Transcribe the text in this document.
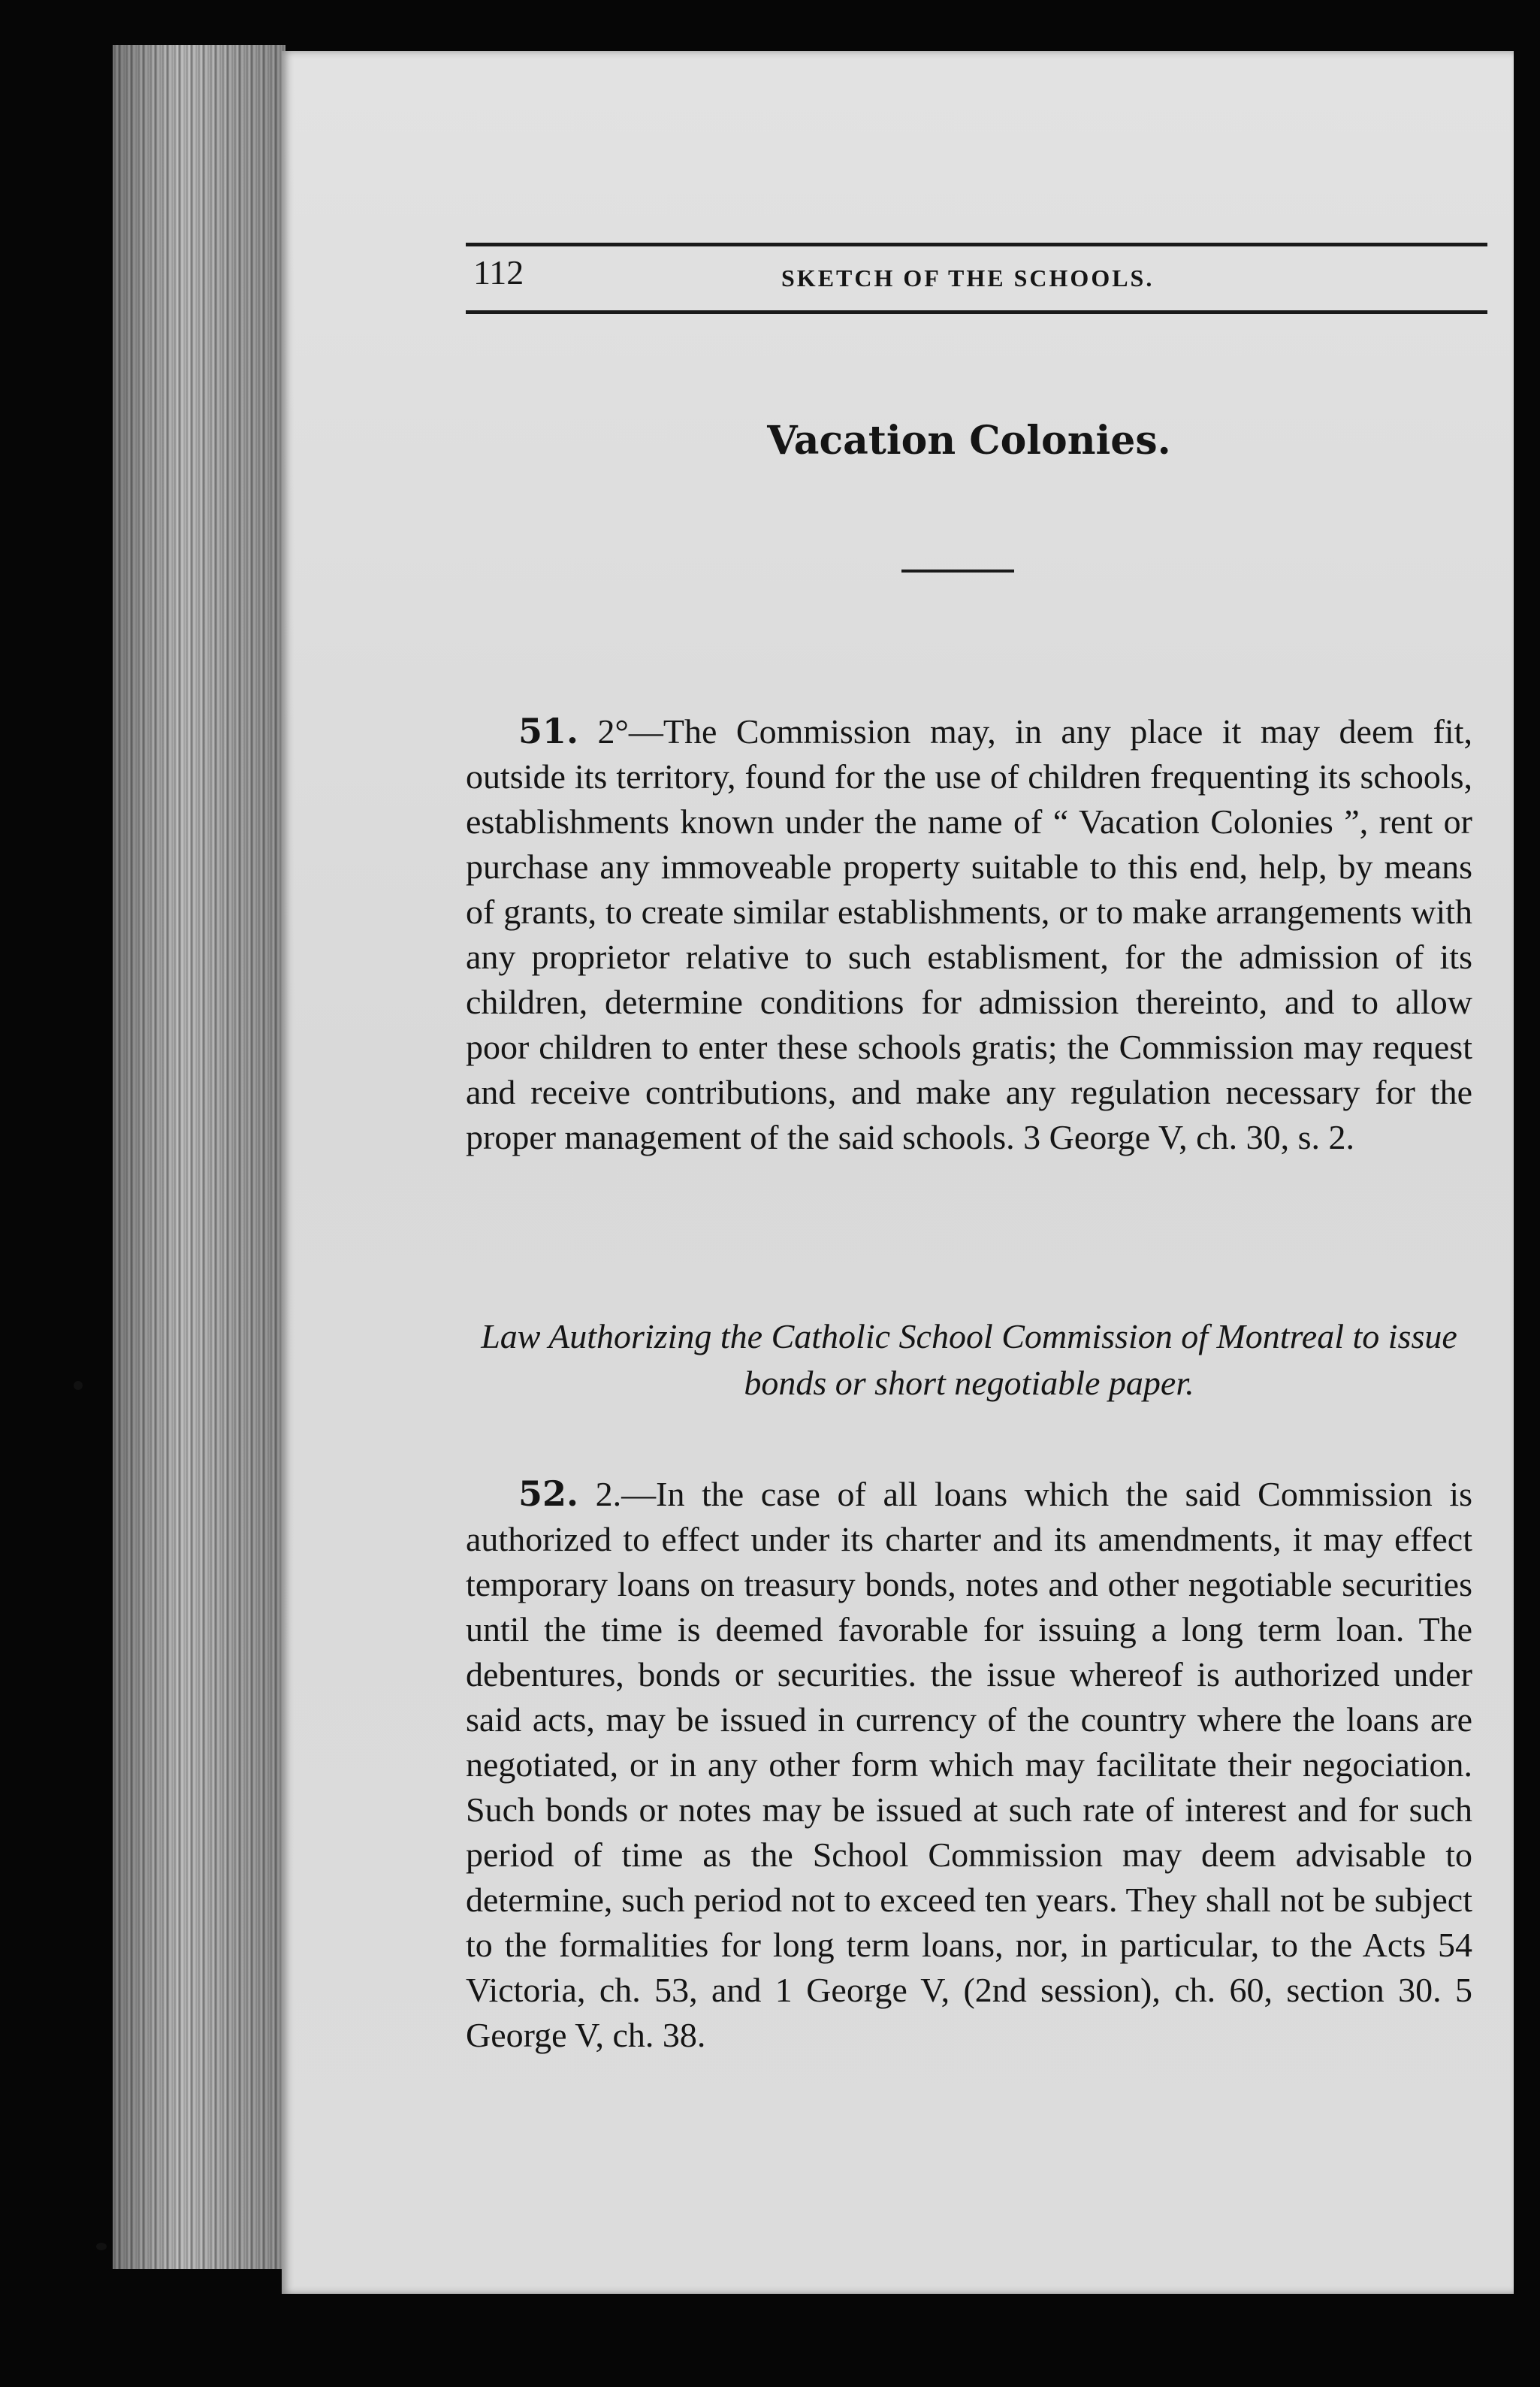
112	SKETCH OF THE SCHOOLS.
Vacation Colonies.
51. 2°—The Commission may, in any place it may deem fit, outside its territory, found for the use of children frequenting its schools, establishments known under the name of “ Vacation Colonies ”, rent or purchase any immoveable property suitable to this end, help, by means of grants, to create similar establishments, or to make arrangements with any proprietor relative to such establisment, for the admission of its children, determine conditions for admission thereinto, and to allow poor children to enter these schools gratis; the Commission may request and receive contributions, and make any regulation necessary for the proper management of the said schools. 3 George V, ch. 30, s. 2.
Law Authorizing the Catholic School Commission of Montreal to issue bonds or short negotiable paper.
52. 2.—In the case of all loans which the said Commission is authorized to effect under its charter and its amendments, it may effect temporary loans on treasury bonds, notes and other negotiable securities until the time is deemed favorable for issuing a long term loan. The debentures, bonds or securities. the issue whereof is authorized under said acts, may be issued in currency of the country where the loans are negotiated, or in any other form which may facilitate their negociation. Such bonds or notes may be issued at such rate of interest and for such period of time as the School Commission may deem advisable to determine, such period not to exceed ten years. They shall not be subject to the formalities for long term loans, nor, in particular, to the Acts 54 Victoria, ch. 53, and 1 George V, (2nd session), ch. 60, section 30. 5 George V, ch. 38.
